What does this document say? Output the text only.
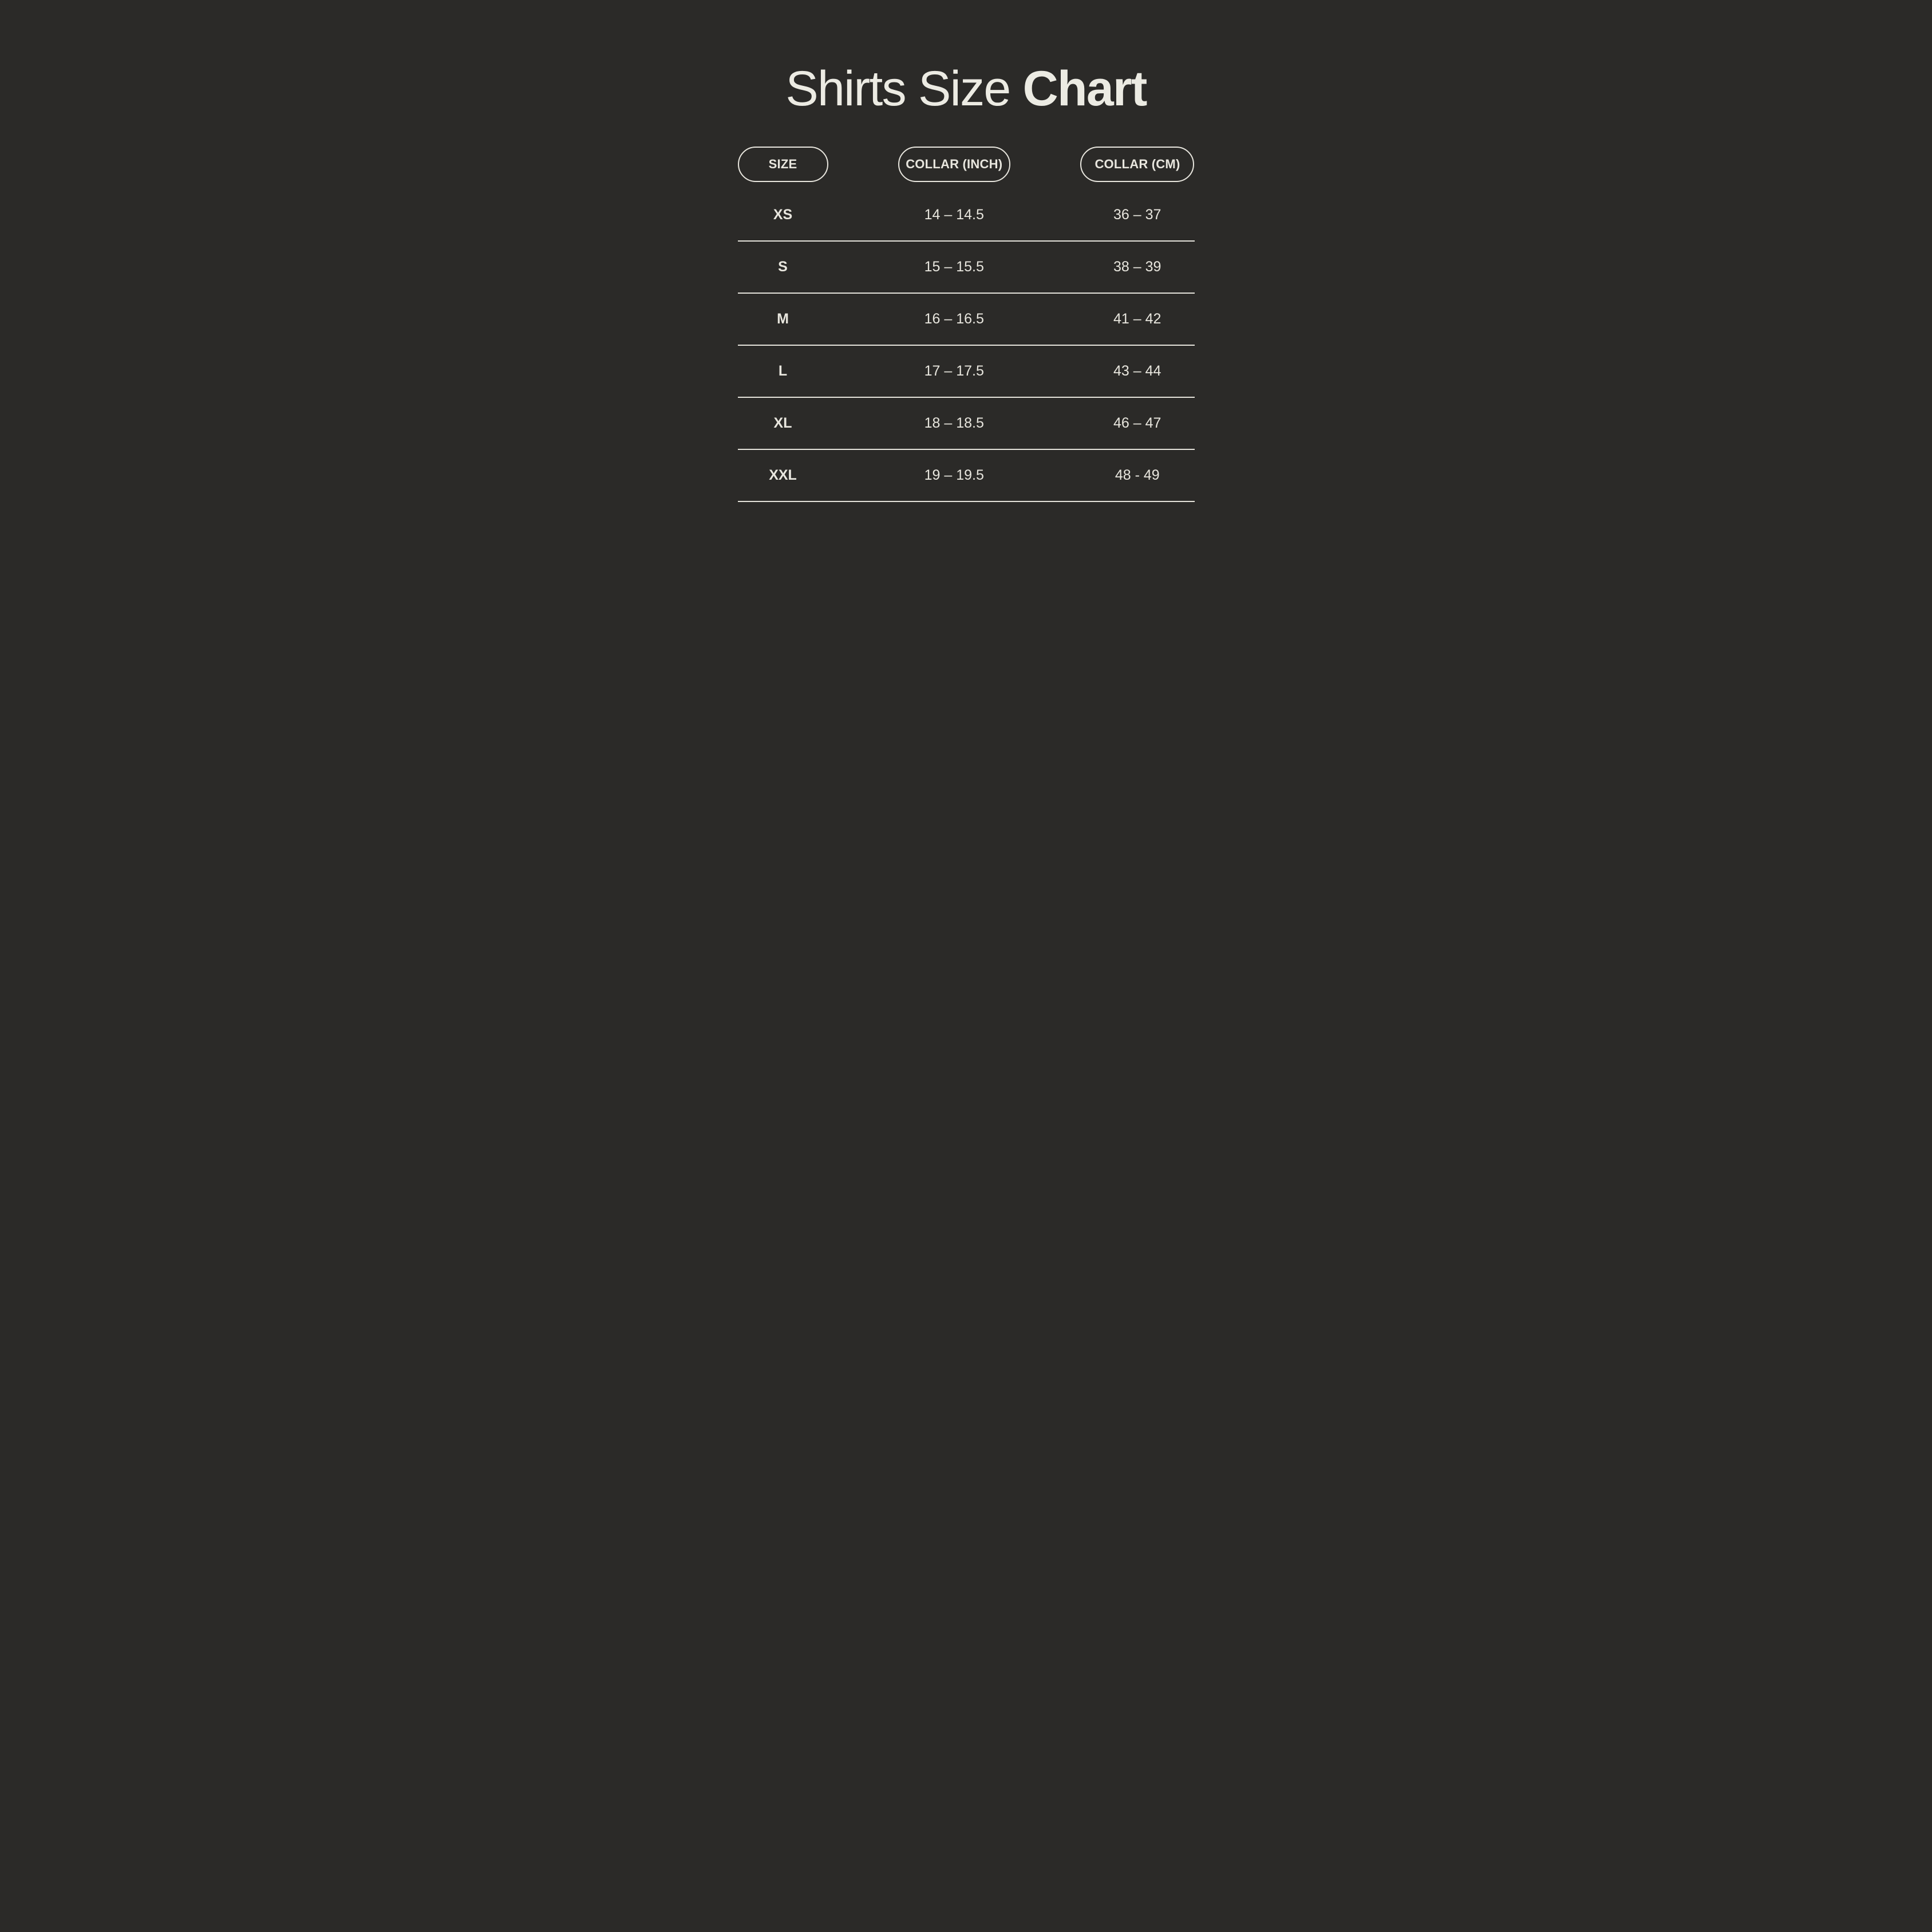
Shirts Size Chart
SIZE	COLLAR (INCH)	COLLAR (CM)
XS	14 – 14.5	36 – 37
S	15 – 15.5	38 – 39
M	16 – 16.5	41 – 42
L	17 – 17.5	43 – 44
XL	18 – 18.5	46 – 47
XXL	19 – 19.5	48 - 49
